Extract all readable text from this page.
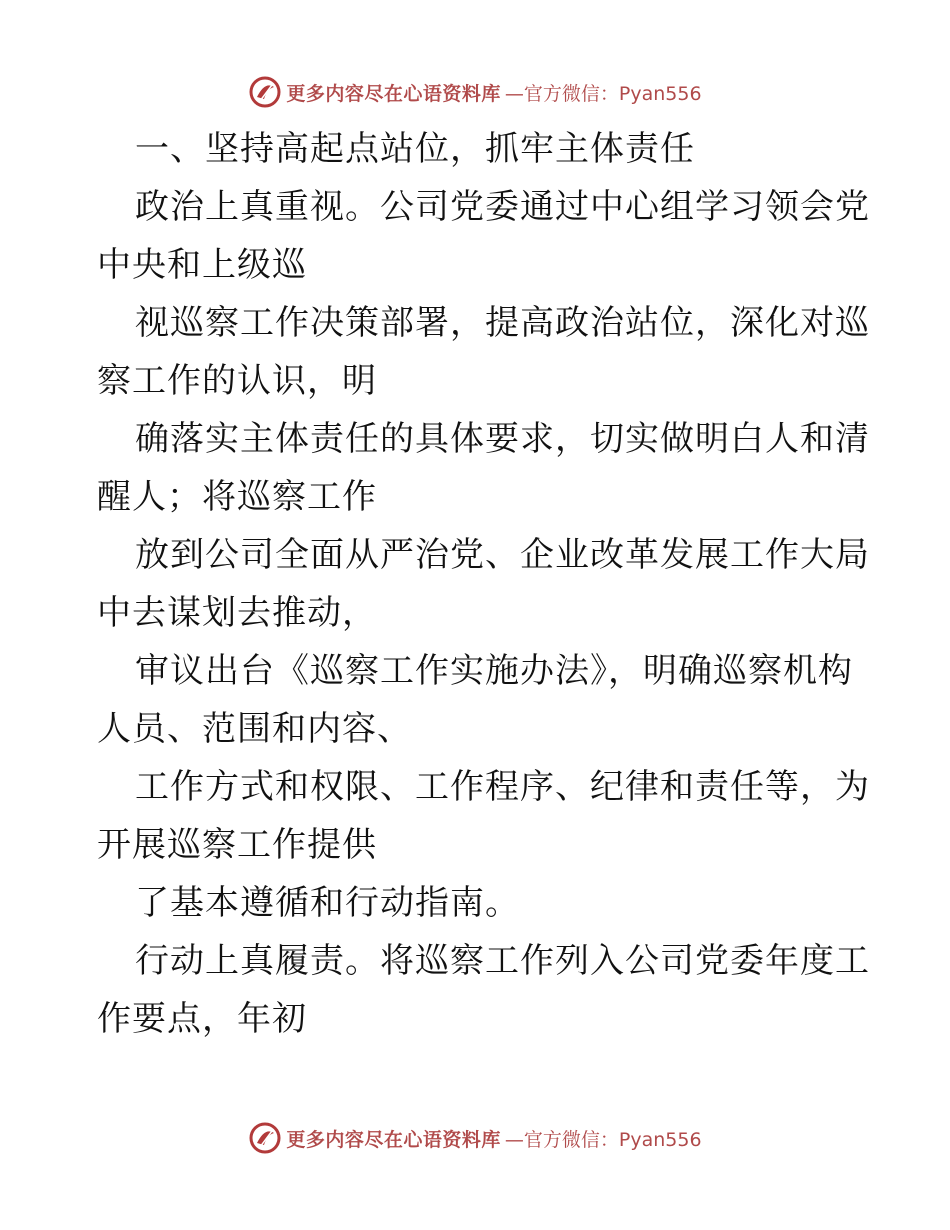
更多内容尽在心语资料库 —官方微信：Pyan556
一、坚持高起点站位，抓牢主体责任
政治上真重视。公司党委通过中心组学习领会党
中央和上级巡
视巡察工作决策部署，提高政治站位，深化对巡
察工作的认识，明
确落实主体责任的具体要求，切实做明白人和清
醒人；将巡察工作
放到公司全面从严治党、企业改革发展工作大局
中去谋划去推动，
审议出台《巡察工作实施办法》，明确巡察机构
人员、范围和内容、
工作方式和权限、工作程序、纪律和责任等，为
开展巡察工作提供
了基本遵循和行动指南。
行动上真履责。将巡察工作列入公司党委年度工
作要点，年初
更多内容尽在心语资料库 —官方微信：Pyan556
